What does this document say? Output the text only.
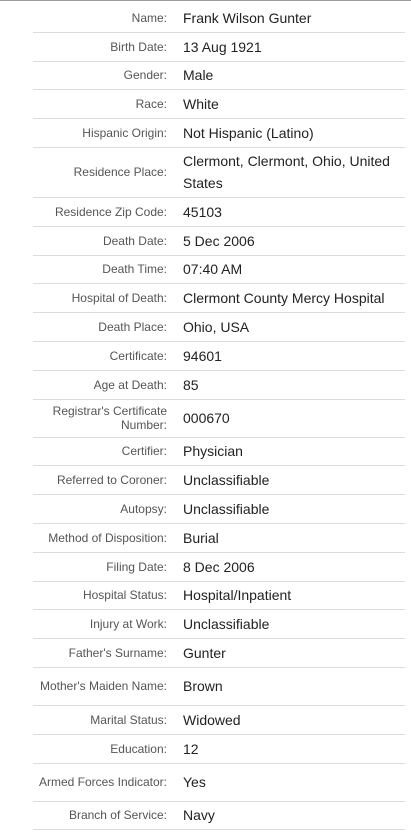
Name:	Frank Wilson Gunter
Birth Date:	13 Aug 1921
Gender:	Male
Race:	White
Hispanic Origin:	Not Hispanic (Latino)
Residence Place:
Clermont, Clermont, Ohio, United States
Residence Zip Code:	45103
Death Date:	5 Dec 2006
Death Time:	07:40 AM
Hospital of Death:	Clermont County Mercy Hospital
Death Place:	Ohio, USA
Certificate:	94601
Age at Death:	85
Registrar's Certificate Number:	000670
Certifier:	Physician
Referred to Coroner:	Unclassifiable
Autopsy:	Unclassifiable
Method of Disposition:	Burial
Filing Date:	8 Dec 2006
Hospital Status:	Hospital/Inpatient
Injury at Work:	Unclassifiable
Father's Surname:	Gunter
Mother's Maiden Name:	Brown
Marital Status:	Widowed
Education:	12
Armed Forces Indicator:	Yes
Branch of Service:	Navy
